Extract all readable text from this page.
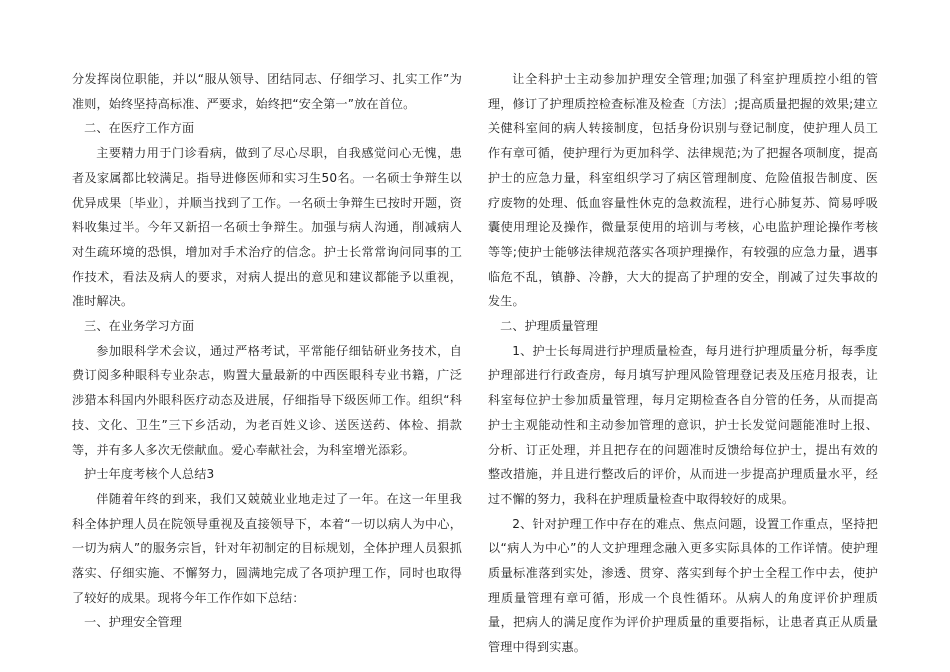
分发挥岗位职能，并以“服从领导、团结同志、仔细学习、扎实工作”为准则，始终坚持高标准、严要求，始终把“安全第一”放在首位。

二、在医疗工作方面

主要精力用于门诊看病，做到了尽心尽职，自我感觉问心无愧，患者及家属都比较满足。指导进修医师和实习生50名。一名硕士争辩生以优异成果〔毕业〕，并顺当找到了工作。一名硕士争辩生已按时开题，资料收集过半。今年又新招一名硕士争辩生。加强与病人沟通，削减病人对生疏环境的恐惧，增加对手术治疗的信念。护士长常常询问同事的工作技术，看法及病人的要求，对病人提出的意见和建议都能予以重视，准时解决。

三、在业务学习方面

参加眼科学术会议，通过严格考试，平常能仔细钻研业务技术，自费订阅多种眼科专业杂志，购置大量最新的中西医眼科专业书籍，广泛涉猎本科国内外眼科医疗动态及进展，仔细指导下级医师工作。组织“科技、文化、卫生”三下乡活动，为老百姓义诊、送医送药、体检、捐款等，并有多人多次无偿献血。爱心奉献社会，为科室增光添彩。

护士年度考核个人总结3

伴随着年终的到来，我们又兢兢业业地走过了一年。在这一年里我科全体护理人员在院领导重视及直接领导下，本着“一切以病人为中心，一切为病人”的服务宗旨，针对年初制定的目标规划，全体护理人员狠抓落实、仔细实施、不懈努力，圆满地完成了各项护理工作，同时也取得了较好的成果。现将今年工作作如下总结：

一、护理安全管理

让全科护士主动参加护理安全管理;加强了科室护理质控小组的管理，修订了护理质控检查标准及检查〔方法〕;提高质量把握的效果;建立关健科室间的病人转接制度，包括身份识别与登记制度，使护理人员工作有章可循，使护理行为更加科学、法律规范;为了把握各项制度，提高护士的应急力量，科室组织学习了病区管理制度、危险值报告制度、医疗废物的处理、低血容量性休克的急救流程，进行心肺复苏、简易呼吸囊使用理论及操作，微量泵使用的培训与考核，心电监护理论操作考核等等;使护士能够法律规范落实各项护理操作，有较强的应急力量，遇事临危不乱，镇静、冷静，大大的提高了护理的安全，削减了过失事故的发生。

二、护理质量管理

1、护士长每周进行护理质量检查，每月进行护理质量分析，每季度护理部进行行政查房，每月填写护理风险管理登记表及压疮月报表，让科室每位护士参加质量管理，每月定期检查各自分管的任务，从而提高护士主观能动性和主动参加管理的意识，护士长发觉问题能准时上报、分析、订正处理，并且把存在的问题准时反馈给每位护士，提出有效的整改措施，并且进行整改后的评价，从而进一步提高护理质量水平，经过不懈的努力，我科在护理质量检查中取得较好的成果。

2、针对护理工作中存在的难点、焦点问题，设置工作重点，坚持把以“病人为中心”的人文护理理念融入更多实际具体的工作详情。使护理质量标准落到实处，渗透、贯穿、落实到每个护士全程工作中去，使护理质量管理有章可循，形成一个良性循环。从病人的角度评价护理质量，把病人的满足度作为评价护理质量的重要指标，让患者真正从质量管理中得到实惠。
